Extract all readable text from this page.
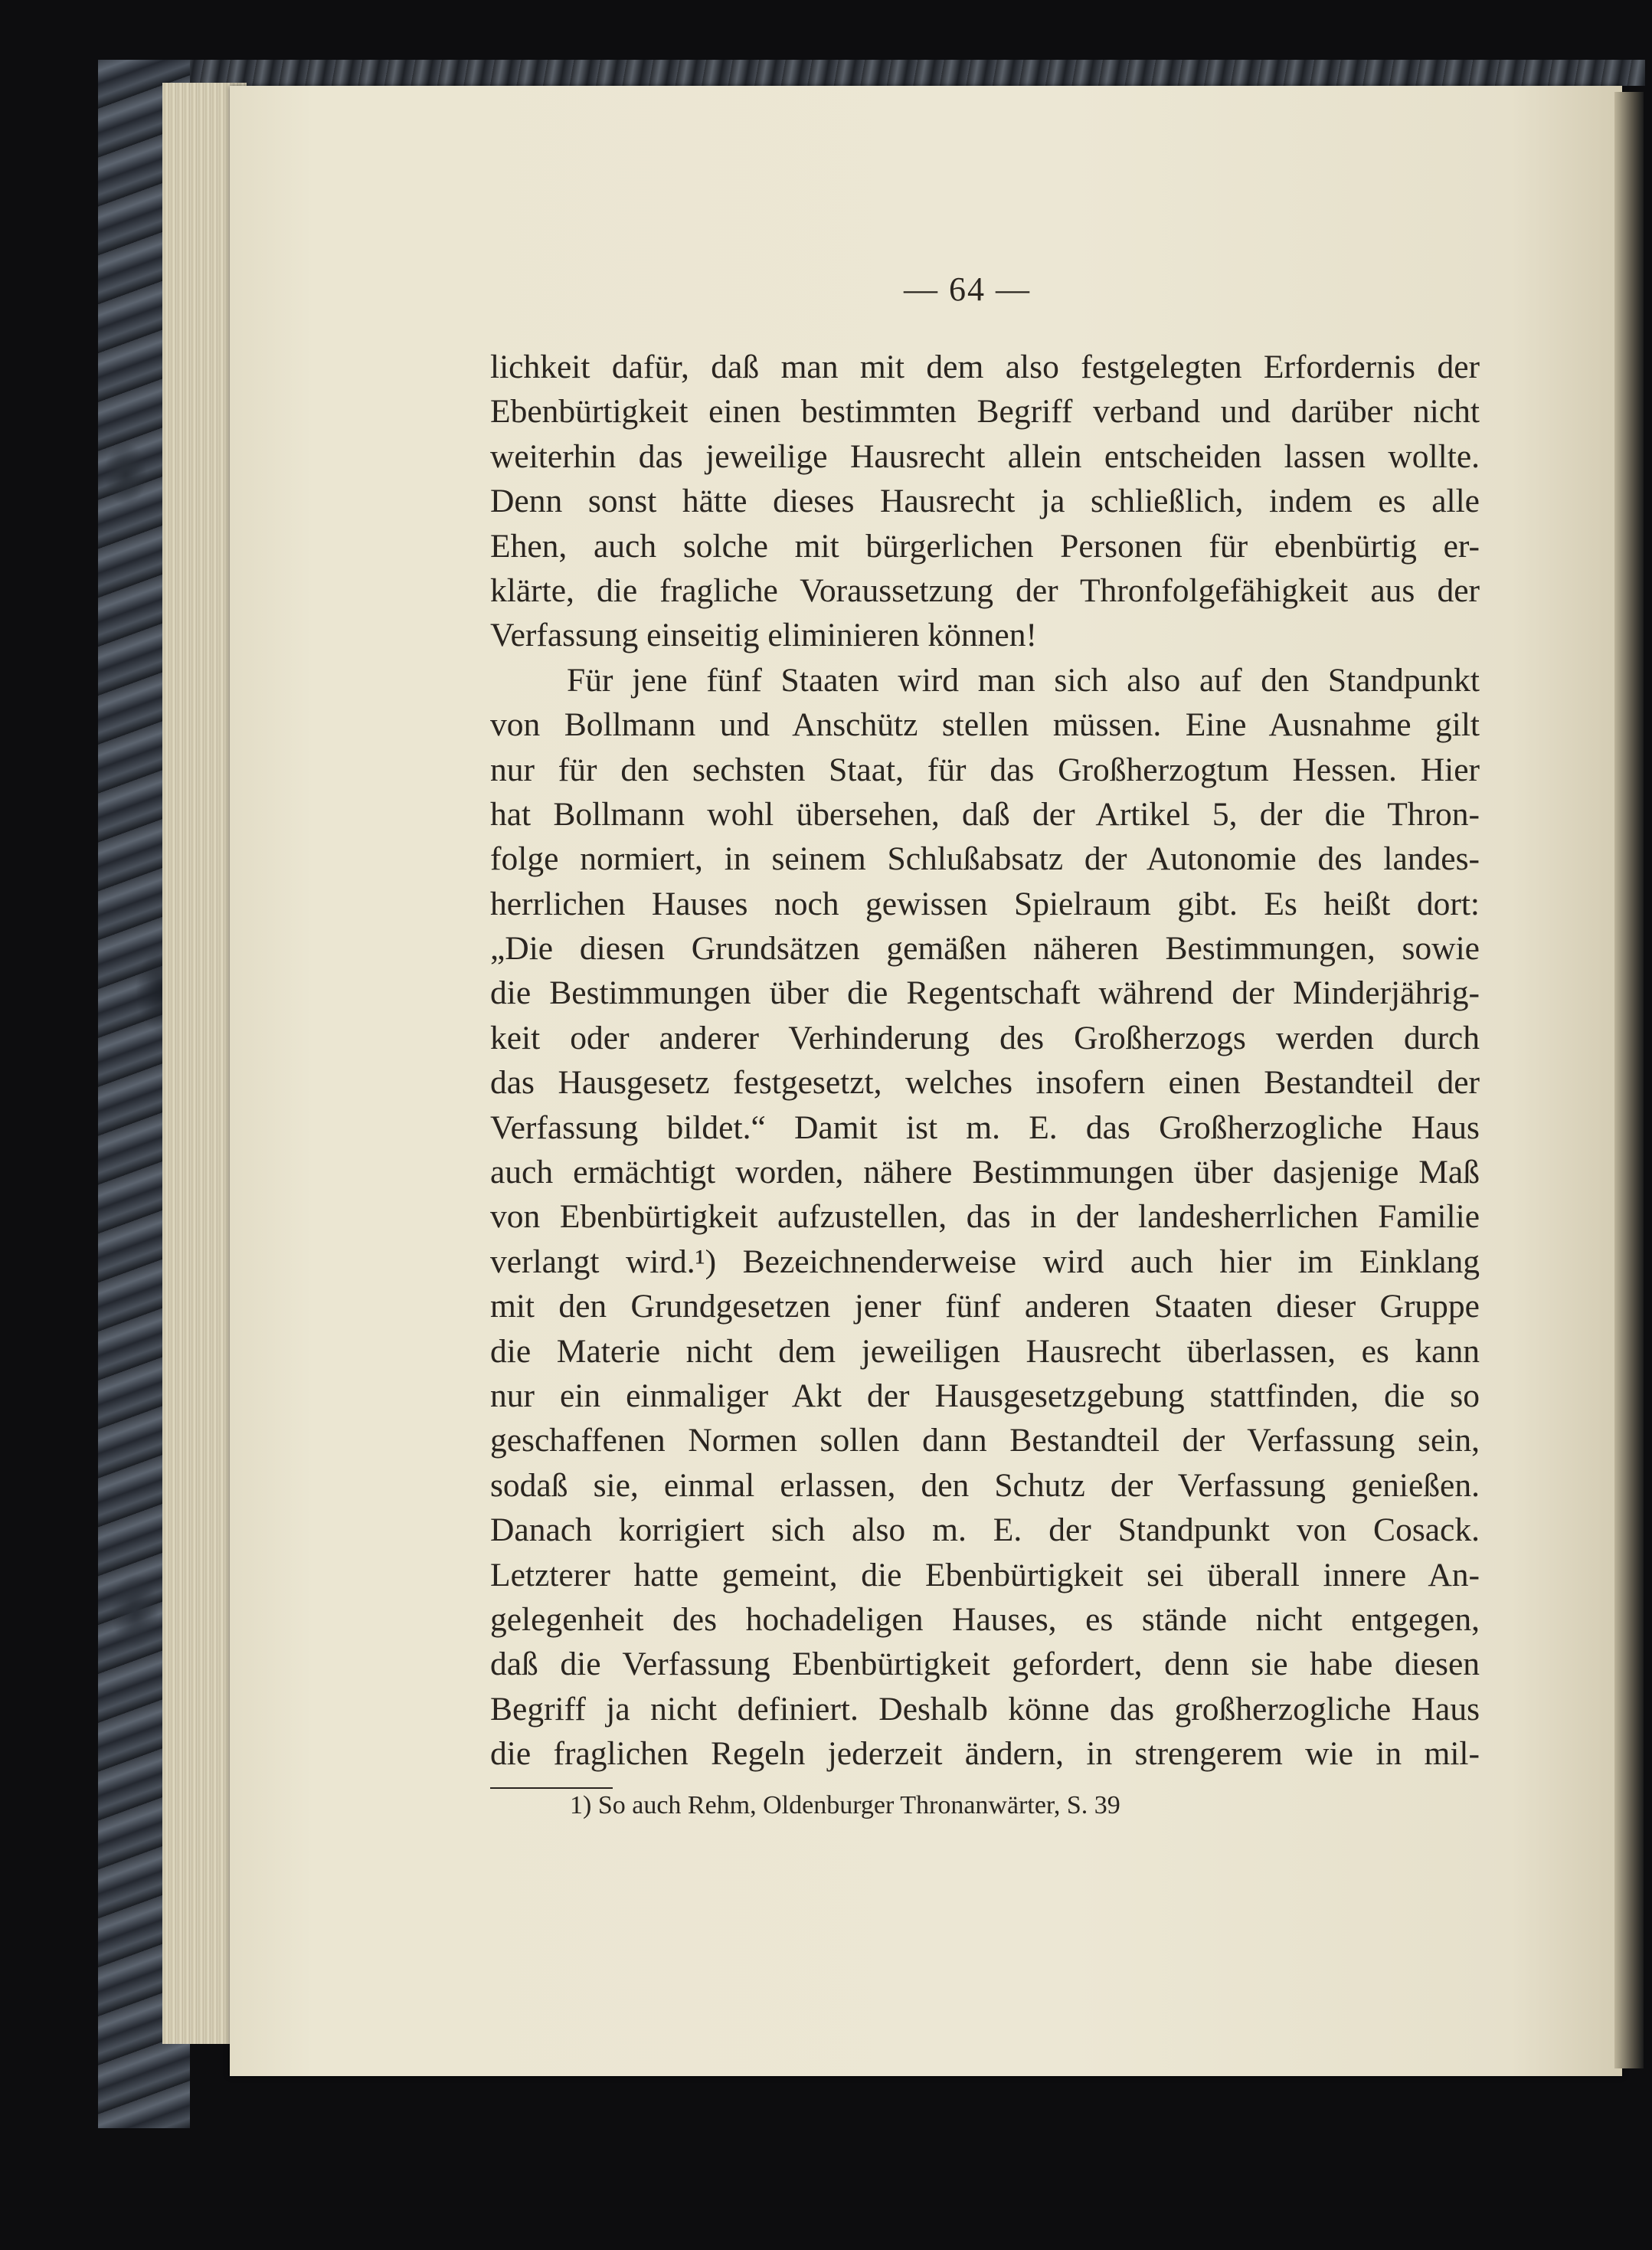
— 64 —
lichkeit dafür, daß man mit dem also festgelegten Erfordernis der
Ebenbürtigkeit einen bestimmten Begriff verband und darüber nicht
weiterhin das jeweilige Hausrecht allein entscheiden lassen wollte.
Denn sonst hätte dieses Hausrecht ja schließlich, indem es alle
Ehen, auch solche mit bürgerlichen Personen für ebenbürtig er-
klärte, die fragliche Voraussetzung der Thronfolgefähigkeit aus der
Verfassung einseitig eliminieren können!
Für jene fünf Staaten wird man sich also auf den Standpunkt
von Bollmann und Anschütz stellen müssen. Eine Ausnahme gilt
nur für den sechsten Staat, für das Großherzogtum Hessen. Hier
hat Bollmann wohl übersehen, daß der Artikel 5, der die Thron-
folge normiert, in seinem Schlußabsatz der Autonomie des landes-
herrlichen Hauses noch gewissen Spielraum gibt. Es heißt dort:
„Die diesen Grundsätzen gemäßen näheren Bestimmungen, sowie
die Bestimmungen über die Regentschaft während der Minderjährig-
keit oder anderer Verhinderung des Großherzogs werden durch
das Hausgesetz festgesetzt, welches insofern einen Bestandteil der
Verfassung bildet.“ Damit ist m. E. das Großherzogliche Haus
auch ermächtigt worden, nähere Bestimmungen über dasjenige Maß
von Ebenbürtigkeit aufzustellen, das in der landesherrlichen Familie
verlangt wird.¹) Bezeichnenderweise wird auch hier im Einklang
mit den Grundgesetzen jener fünf anderen Staaten dieser Gruppe
die Materie nicht dem jeweiligen Hausrecht überlassen, es kann
nur ein einmaliger Akt der Hausgesetzgebung stattfinden, die so
geschaffenen Normen sollen dann Bestandteil der Verfassung sein,
sodaß sie, einmal erlassen, den Schutz der Verfassung genießen.
Danach korrigiert sich also m. E. der Standpunkt von Cosack.
Letzterer hatte gemeint, die Ebenbürtigkeit sei überall innere An-
gelegenheit des hochadeligen Hauses, es stände nicht entgegen,
daß die Verfassung Ebenbürtigkeit gefordert, denn sie habe diesen
Begriff ja nicht definiert. Deshalb könne das großherzogliche Haus
die fraglichen Regeln jederzeit ändern, in strengerem wie in mil-
1) So auch Rehm, Oldenburger Thronanwärter, S. 39
